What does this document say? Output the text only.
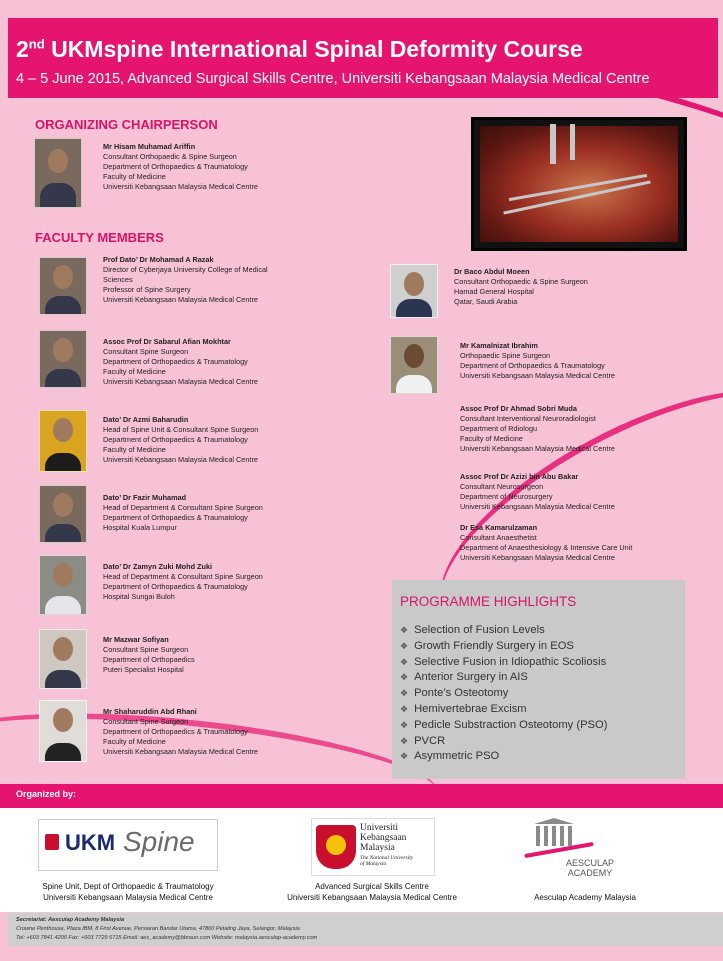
2nd UKMspine International Spinal Deformity Course
4 – 5 June 2015, Advanced Surgical Skills Centre, Universiti Kebangsaan Malaysia Medical Centre
ORGANIZING CHAIRPERSON
Mr Hisam Muhamad Ariffin
Consultant Orthopaedic & Spine Surgeon
Department of Orthopaedics & Traumatology
Faculty of Medicine
Universiti Kebangsaan Malaysia Medical Centre
FACULTY MEMBERS
Prof Dato’ Dr Mohamad A Razak
Director of Cyberjaya University College of Medical
Sciences
Professor of Spine Surgery
Universiti Kebangsaan Malaysia Medical Centre
Assoc Prof Dr Sabarul Afian Mokhtar
Consultant Spine Surgeon
Department of Orthopaedics & Traumatology
Faculty of Medicine
Universiti Kebangsaan Malaysia Medical Centre
Dato’ Dr Azmi Baharudin
Head of Spine Unit & Consultant Spine Surgeon
Department of Orthopaedics & Traumatology
Faculty of Medicine
Universiti Kebangsaan Malaysia Medical Centre
Dato’ Dr Fazir Muhamad
Head of Department & Consultant Spine Surgeon
Department of Orthopaedics & Traumatology
Hospital Kuala Lumpur
Dato’ Dr Zamyn Zuki Mohd Zuki
Head of Department & Consultant Spine Surgeon
Department of Orthopaedics & Traumatology
Hospital Sungai Buloh
Mr Mazwar Sofiyan
Consultant Spine Surgeon
Department of Orthopaedics
Puteri Specialist Hospital
Mr Shaharuddin Abd Rhani
Consultant Spine Surgeon
Department of Orthopaedics & Traumatology
Faculty of Medicine
Universiti Kebangsaan Malaysia Medical Centre
Dr Baco Abdul Moeen
Consultant Orthopaedic & Spine Surgeon
Hamad General Hospital
Qatar, Saudi Arabia
Mr Kamalnizat Ibrahim
Orthopaedic Spine Surgeon
Department of Orthopaedics & Traumatology
Universiti Kebangsaan Malaysia Medical Centre
Assoc Prof Dr Ahmad Sobri Muda
Consultant Interventional Neuroradiologist
Department of Rdiologu
Faculty of Medicine
Universiti Kebangsaan Malaysia Medical Centre
Assoc Prof Dr Azizi bin Abu Bakar
Consultant Neurosurgeon
Department of Neurosurgery
Universiti Kebangsaan Malaysia Medical Centre
Dr Esa Kamarulzaman
Consultant Anaesthetist
Department of Anaesthesiology & Intensive Care Unit
Universiti Kebangsaan Malaysia Medical Centre
PROGRAMME HIGHLIGHTS
❖ Selection of Fusion Levels
❖ Growth Friendly Surgery in EOS
❖ Selective Fusion in Idiopathic Scoliosis
❖ Anterior Surgery in AIS
❖ Ponte’s Osteotomy
❖ Hemivertebrae Excism
❖ Pedicle Substraction Osteotomy (PSO)
❖ PVCR
❖ Asymmetric PSO
Organized by:
UKM Spine
Spine Unit, Dept of Orthopaedic & Traumatology
Universiti Kebangsaan Malaysia Medical Centre
Universiti
Kebangsaan
Malaysia
The National University
of Malaysia
Advanced Surgical Skills Centre
Universiti Kebangsaan Malaysia Medical Centre
AESCULAP
ACADEMY
Aesculap Academy Malaysia
Secretariat: Aesculap Academy Malaysia
Crowne Penthouse, Plaza IBM, 8 First Avenue, Persiaran Bandar Utama, 47800 Petaling Jaya, Selangor, Malaysia
Tel: +603 7841 4200 Fax: +603 7729 6715 Email: aes_academy@bbraun.com Website: malaysia.aesculap-academy.com
